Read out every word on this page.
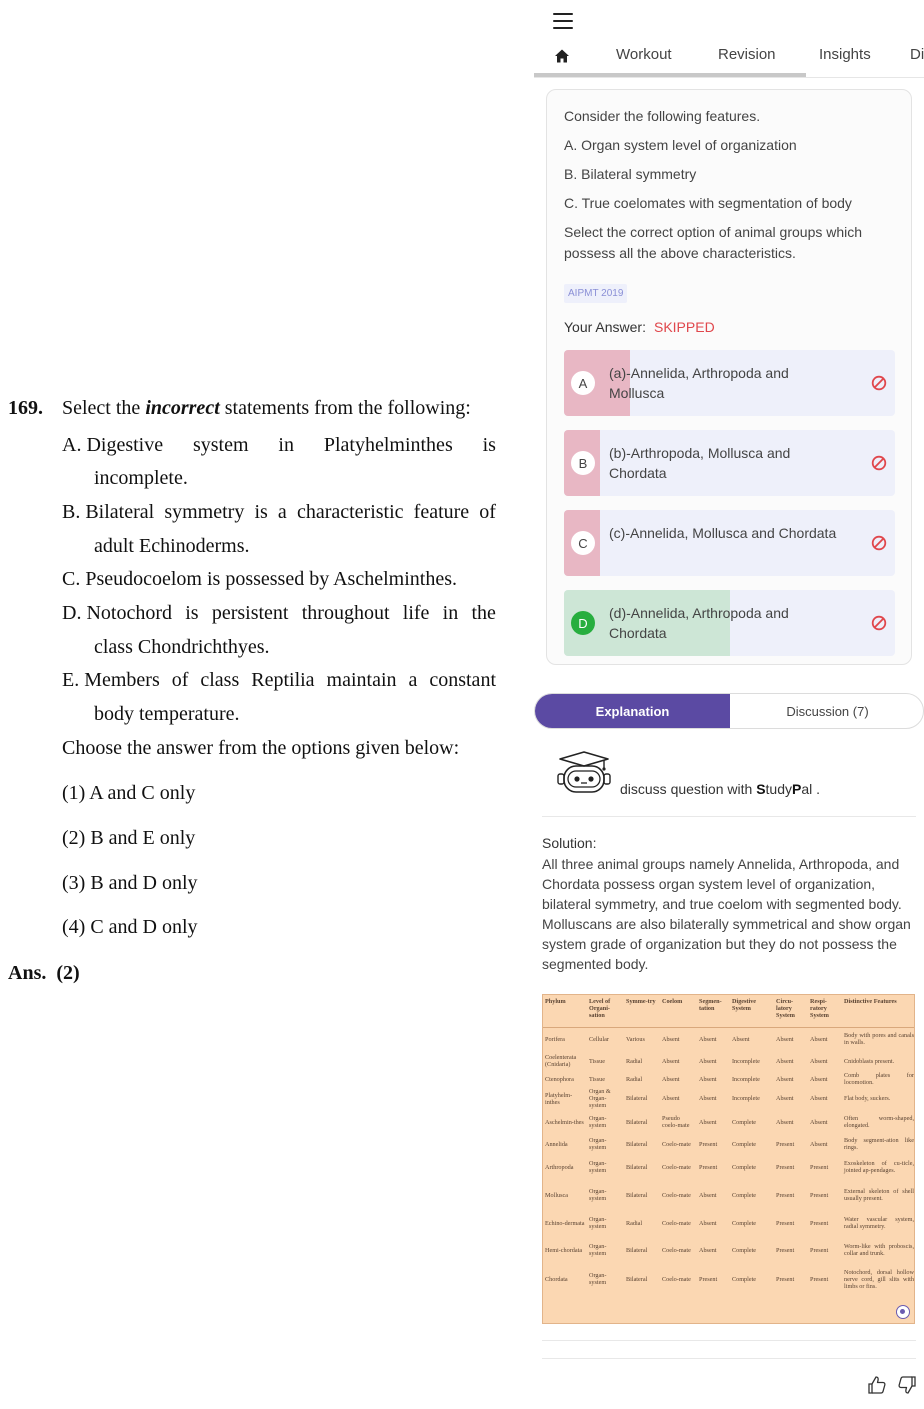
169. Select the incorrect statements from the following:
A. Digestive system in Platyhelminthes is
incomplete.
B. Bilateral symmetry is a characteristic feature of
adult Echinoderms.
C. Pseudocoelom is possessed by Aschelminthes.
D. Notochord is persistent throughout life in the
class Chondrichthyes.
E. Members of class Reptilia maintain a constant
body temperature.
Choose the answer from the options given below:
(1) A and C only
(2) B and E only
(3) B and D only
(4) C and D only
Ans. (2)
Workout	Revision	Insights	Di
Consider the following features.
A. Organ system level of organization
B. Bilateral symmetry
C. True coelomates with segmentation of body
Select the correct option of animal groups which possess all the above characteristics.
AIPMT 2019
Your Answer: SKIPPED
A
(a)-Annelida, Arthropoda and Mollusca
B
(b)-Arthropoda, Mollusca and Chordata
C
(c)-Annelida, Mollusca and Chordata
D
(d)-Annelida, Arthropoda and Chordata
Explanation	Discussion (7)
discuss question with StudyPal .
Solution:
All three animal groups namely Annelida, Arthropoda, and Chordata possess organ system level of organization, bilateral symmetry, and true coelom with segmented body. Molluscans are also bilaterally symmetrical and show organ system grade of organization but they do not possess the segmented body.
Phylum	Level of Organi-sation	Symme-try	Coelom	Segmen-tation	Digestive System	Circu-latory System	Respi-ratory System	Distinctive Features
Porifera	Cellular	Various	Absent	Absent	Absent	Absent	Absent	Body with pores and canals in walls.
Coelenterata (Cnidaria)	Tissue	Radial	Absent	Absent	Incomplete	Absent	Absent	Cnidoblasts present.
Ctenophora	Tissue	Radial	Absent	Absent	Incomplete	Absent	Absent	Comb plates for locomotion.
Platyhelm-inthes	Organ & Organ-system	Bilateral	Absent	Absent	Incomplete	Absent	Absent	Flat body, suckers.
Aschelmin-thes	Organ-system	Bilateral	Pseudo coelo-mate	Absent	Complete	Absent	Absent	Often worm-shaped, elongated.
Annelida	Organ-system	Bilateral	Coelo-mate	Present	Complete	Present	Absent	Body segment-ation like rings.
Arthropoda	Organ-system	Bilateral	Coelo-mate	Present	Complete	Present	Present	Exoskeleton of cu-ticle, jointed ap-pendages.
Mollusca	Organ-system	Bilateral	Coelo-mate	Absent	Complete	Present	Present	External skeleton of shell usually present.
Echino-dermata	Organ-system	Radial	Coelo-mate	Absent	Complete	Present	Present	Water vascular system, radial symmetry.
Hemi-chordata	Organ-system	Bilateral	Coelo-mate	Absent	Complete	Present	Present	Worm-like with proboscis, collar and trunk.
Chordata	Organ-system	Bilateral	Coelo-mate	Present	Complete	Present	Present	Notochord, dorsal hollow nerve cord, gill slits with limbs or fins.
